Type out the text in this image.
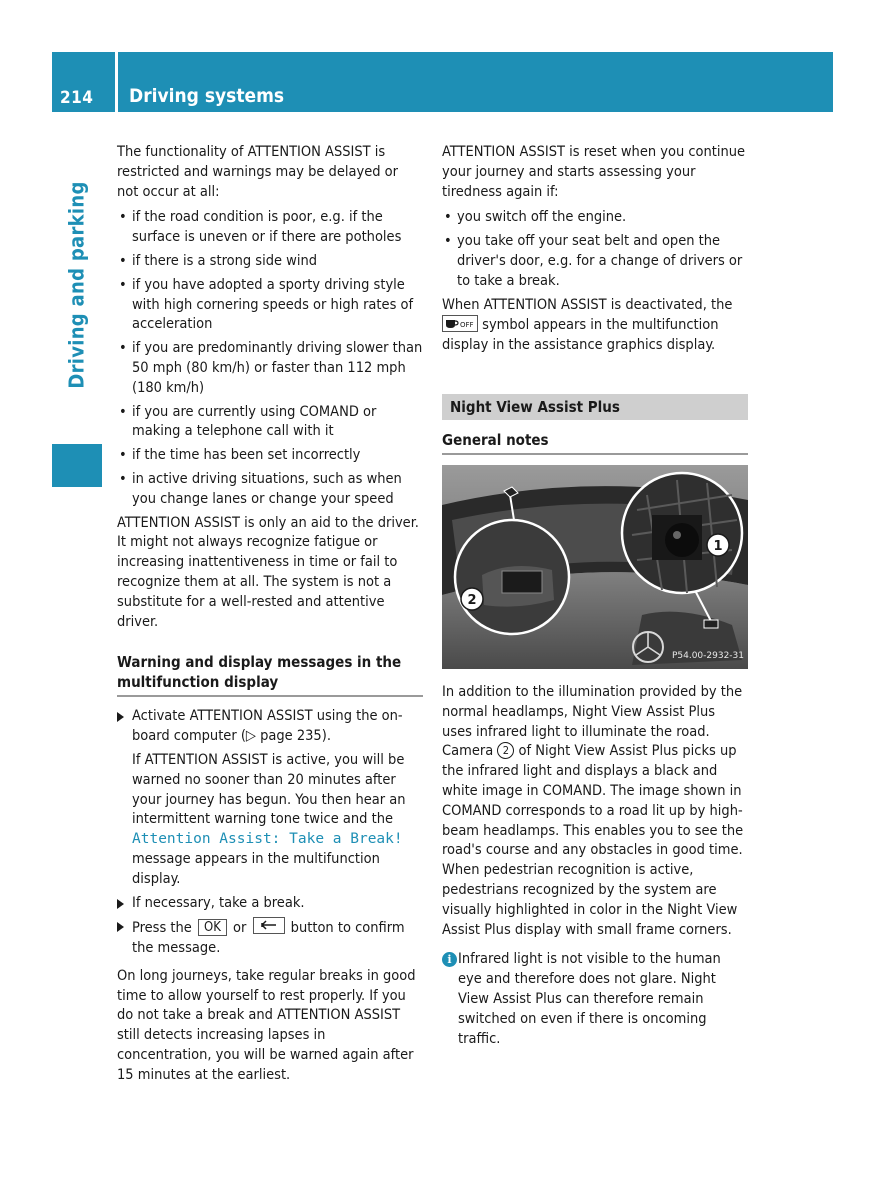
214	Driving systems
Driving and parking

The functionality of ATTENTION ASSIST is restricted and warnings may be delayed or not occur at all:

• if the road condition is poor, e.g. if the surface is uneven or if there are potholes
• if there is a strong side wind
• if you have adopted a sporty driving style with high cornering speeds or high rates of acceleration
• if you are predominantly driving slower than 50 mph (80 km/h) or faster than 112 mph (180 km/h)
• if you are currently using COMAND or making a telephone call with it
• if the time has been set incorrectly
• in active driving situations, such as when you change lanes or change your speed

ATTENTION ASSIST is only an aid to the driver. It might not always recognize fatigue or increasing inattentiveness in time or fail to recognize them at all. The system is not a substitute for a well-rested and attentive driver.

Warning and display messages in the multifunction display
Activate ATTENTION ASSIST using the on-board computer (▷ page 235).
If ATTENTION ASSIST is active, you will be warned no sooner than 20 minutes after your journey has begun. You then hear an intermittent warning tone twice and the Attention Assist: Take a Break! message appears in the multifunction display.
If necessary, take a break.
Press the OK or	button to confirm the message.

On long journeys, take regular breaks in good time to allow yourself to rest properly. If you do not take a break and ATTENTION ASSIST still detects increasing lapses in concentration, you will be warned again after 15 minutes at the earliest.

ATTENTION ASSIST is reset when you continue your journey and starts assessing your tiredness again if:

• you switch off the engine.
• you take off your seat belt and open the driver's door, e.g. for a change of drivers or to take a break.

When ATTENTION ASSIST is deactivated, the
OFF symbol appears in the multifunction display in the assistance graphics display.

Night View Assist Plus
General notes
2
1
P54.00-2932-31

In addition to the illumination provided by the normal headlamps, Night View Assist Plus uses infrared light to illuminate the road. Camera 2 of Night View Assist Plus picks up the infrared light and displays a black and white image in COMAND. The image shown in COMAND corresponds to a road lit up by high-beam headlamps. This enables you to see the road's course and any obstacles in good time. When pedestrian recognition is active, pedestrians recognized by the system are visually highlighted in color in the Night View Assist Plus display with small frame corners.

i Infrared light is not visible to the human eye and therefore does not glare. Night View Assist Plus can therefore remain switched on even if there is oncoming traffic.
